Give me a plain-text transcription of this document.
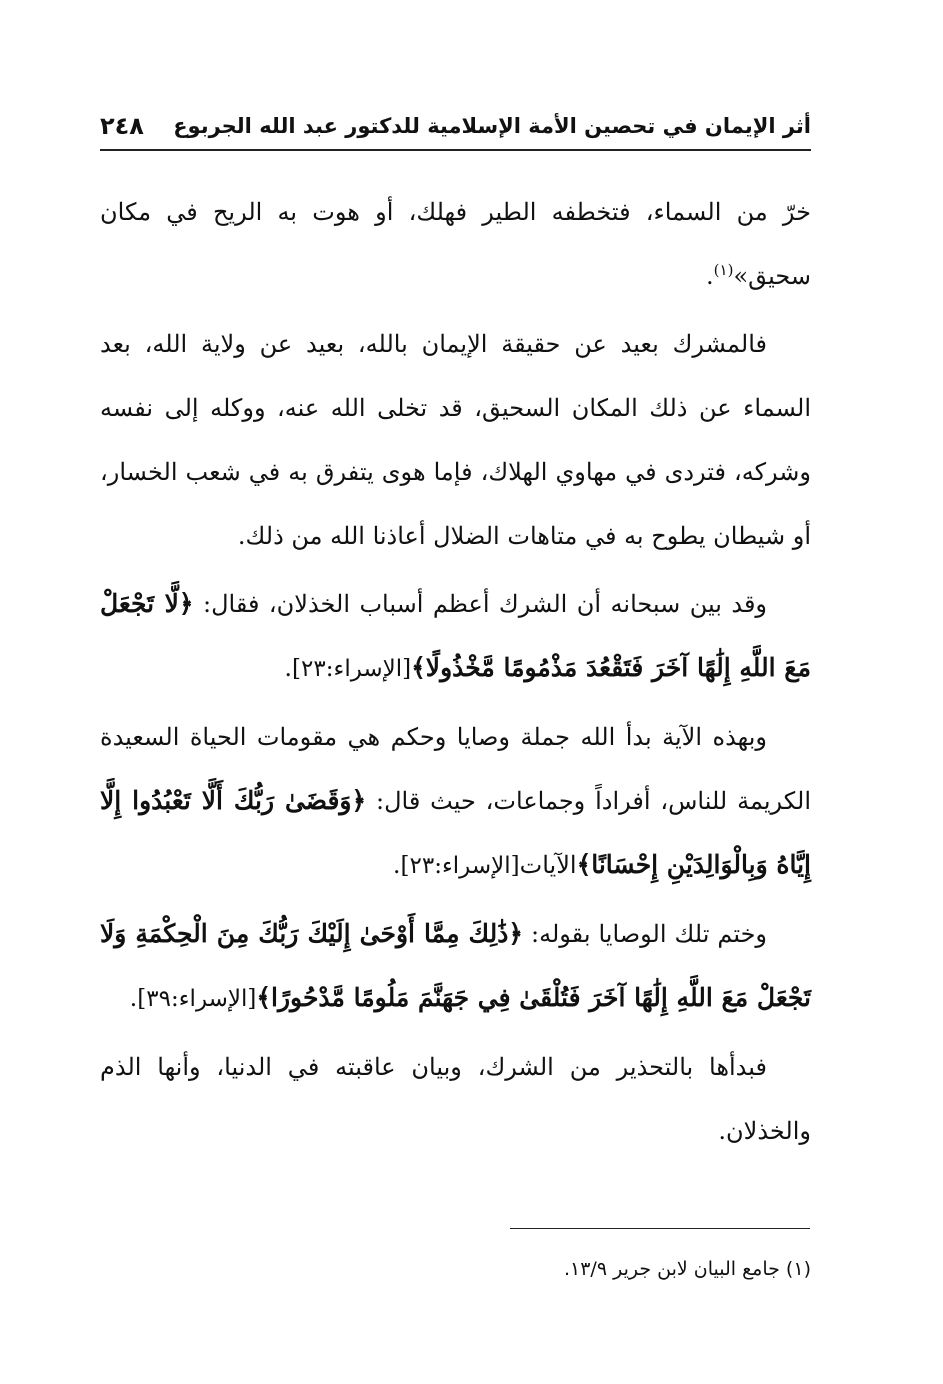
أثر الإيمان في تحصين الأمة الإسلامية للدكتور عبد الله الجربوع
٢٤٨

خرّ من السماء، فتخطفه الطير فهلك، أو هوت به الريح في مكان سحيق»$^{(١)}$.

فالمشرك بعيد عن حقيقة الإيمان بالله، بعيد عن ولاية الله، بعد السماء عن ذلك المكان السحيق، قد تخلى الله عنه، ووكله إلى نفسه وشركه، فتردى في مهاوي الهلاك، فإما هوى يتفرق به في شعب الخسار، أو شيطان يطوح به في متاهات الضلال أعاذنا الله من ذلك.

وقد بين سبحانه أن الشرك أعظم أسباب الخذلان، فقال: ﴿لَّا تَجْعَلْ مَعَ اللَّهِ إِلَٰهًا آخَرَ فَتَقْعُدَ مَذْمُومًا مَّخْذُولًا﴾[الإسراء:٢٣].

وبهذه الآية بدأ الله جملة وصايا وحكم هي مقومات الحياة السعيدة الكريمة للناس، أفراداً وجماعات، حيث قال: ﴿وَقَضَىٰ رَبُّكَ أَلَّا تَعْبُدُوا إِلَّا إِيَّاهُ وَبِالْوَالِدَيْنِ إِحْسَانًا﴾الآيات[الإسراء:٢٣].

وختم تلك الوصايا بقوله: ﴿ذَٰلِكَ مِمَّا أَوْحَىٰ إِلَيْكَ رَبُّكَ مِنَ الْحِكْمَةِ وَلَا تَجْعَلْ مَعَ اللَّهِ إِلَٰهًا آخَرَ فَتُلْقَىٰ فِي جَهَنَّمَ مَلُومًا مَّدْحُورًا﴾[الإسراء:٣٩].

فبدأها بالتحذير من الشرك، وبيان عاقبته في الدنيا، وأنها الذم والخذلان.

(١) جامع البيان لابن جرير ١٣/٩.
